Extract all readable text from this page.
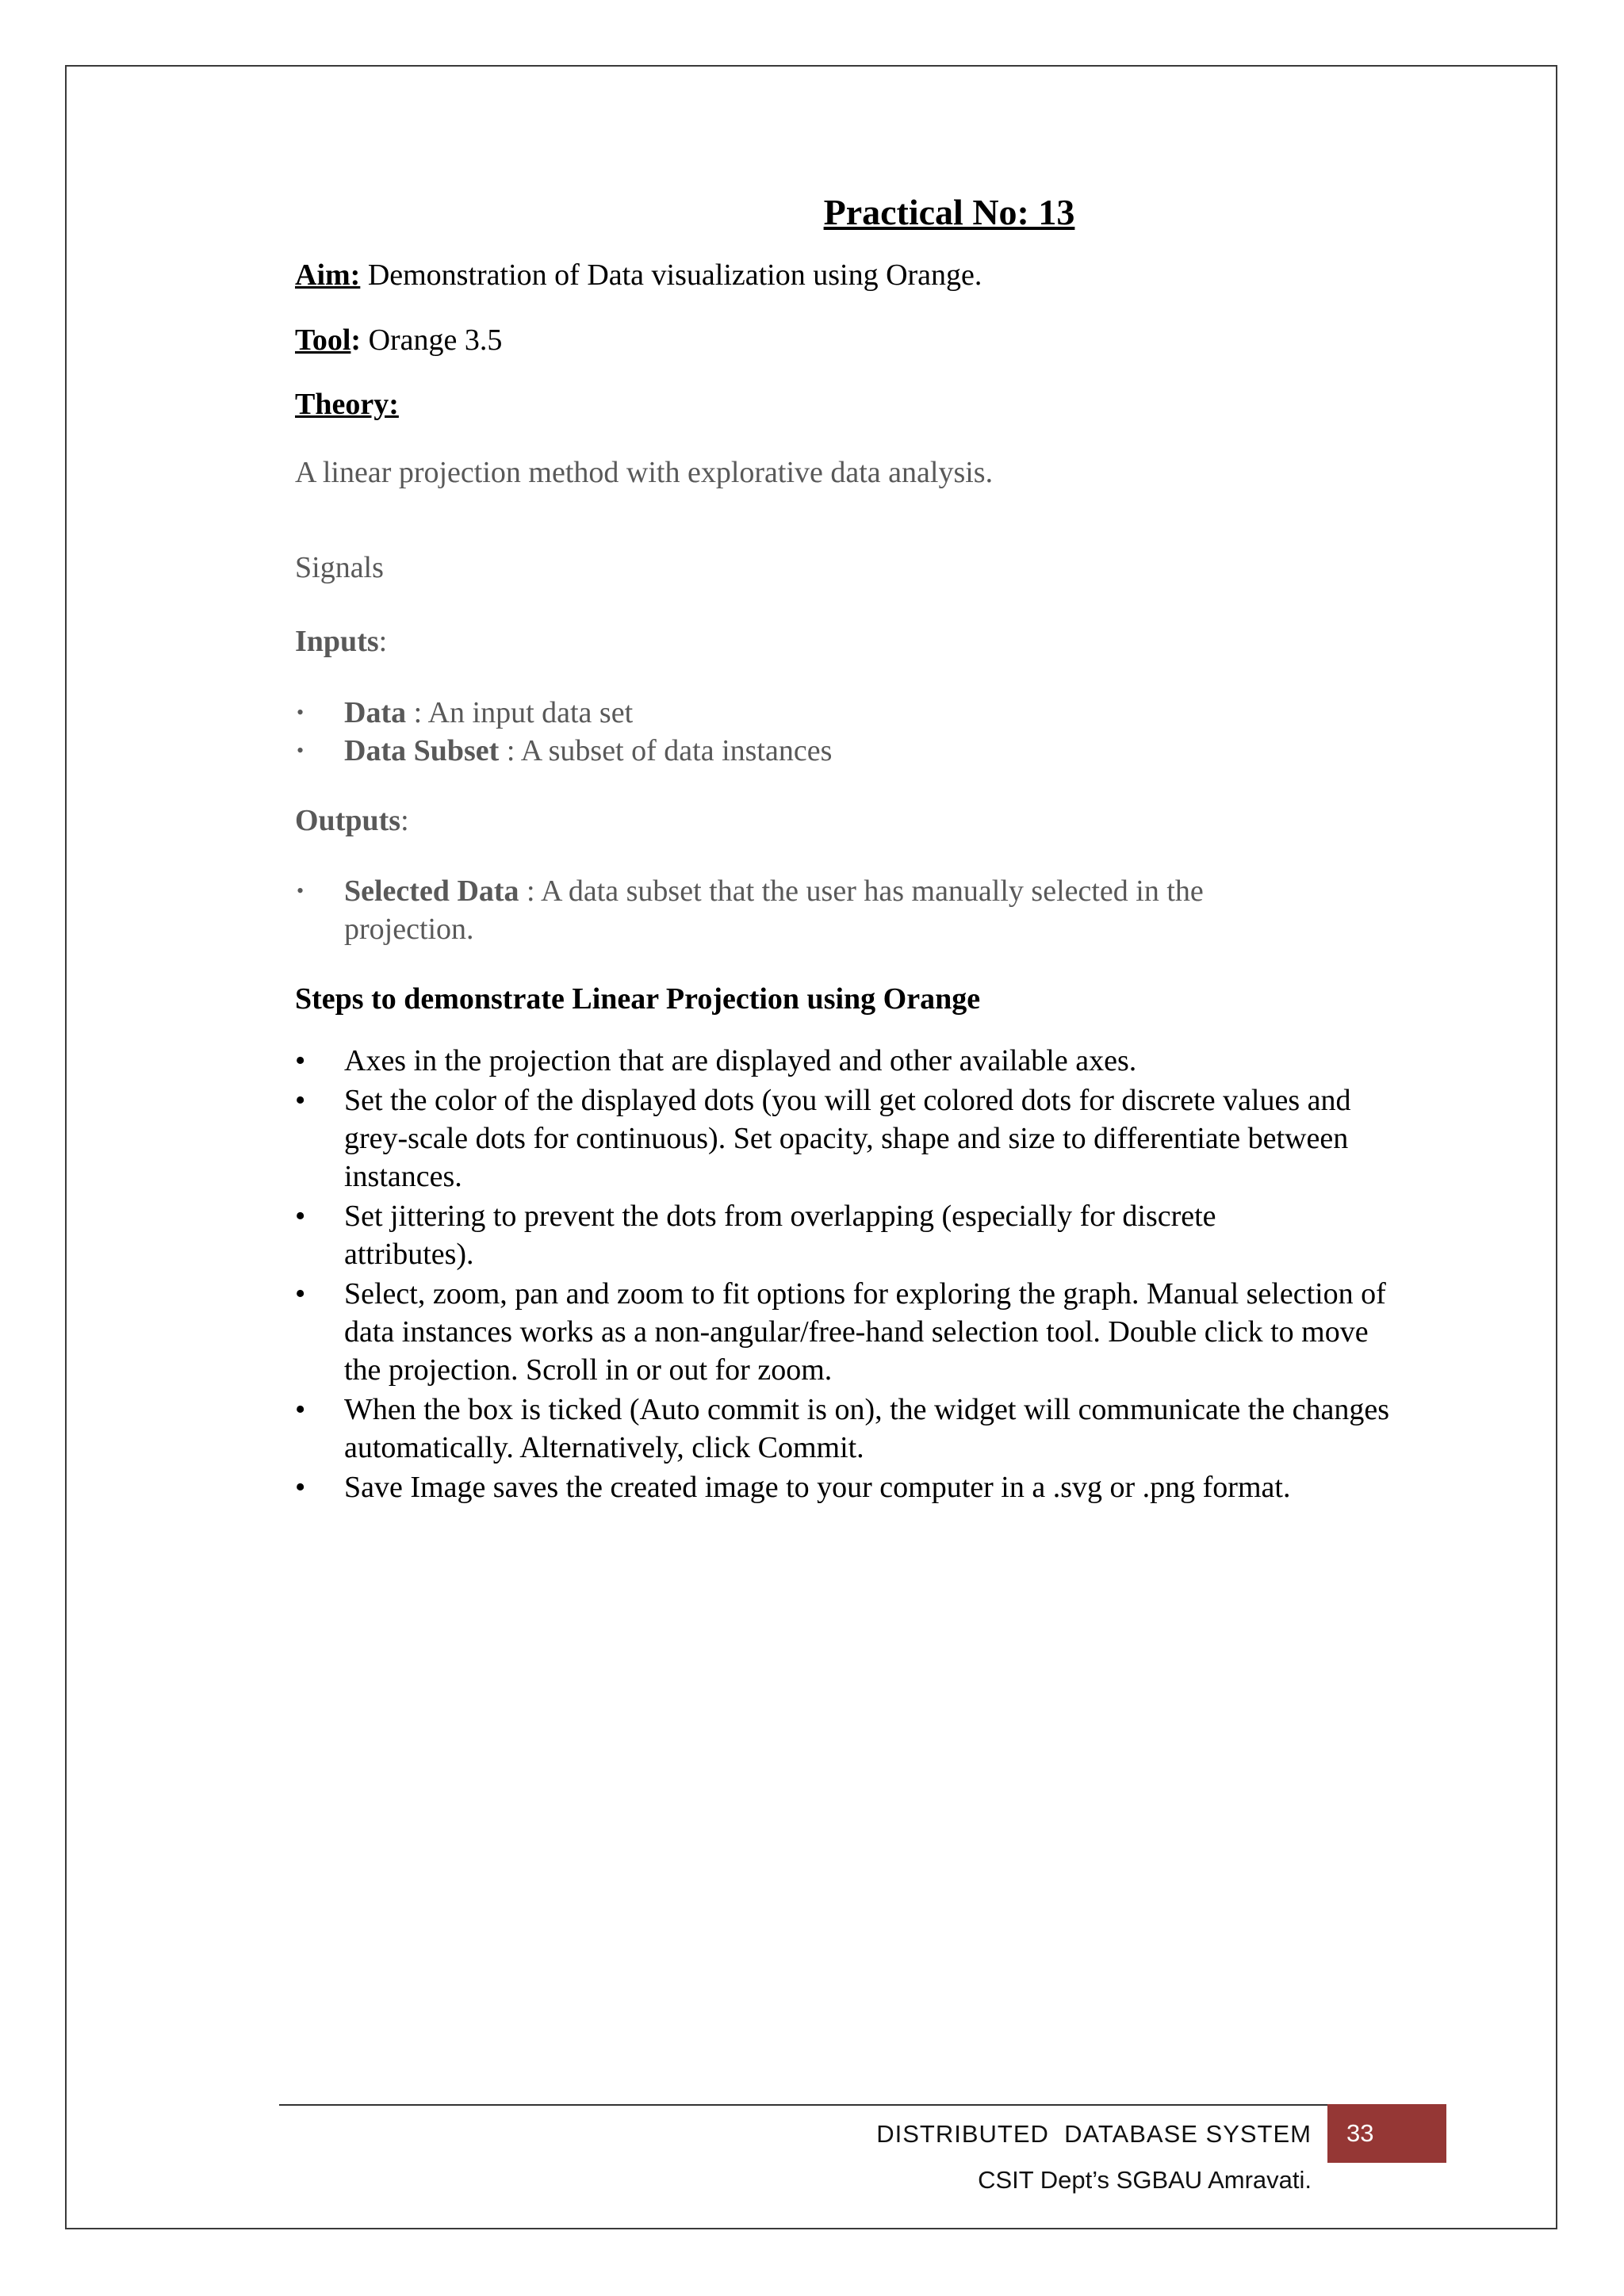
Practical No: 13
Aim: Demonstration of Data visualization using Orange.
Tool: Orange 3.5
Theory:
A linear projection method with explorative data analysis.
Signals
Inputs:
•	Data : An input data set
•	Data Subset : A subset of data instances
Outputs:
•	Selected Data : A data subset that the user has manually selected in the projection.
Steps to demonstrate Linear Projection using Orange
• Axes in the projection that are displayed and other available axes.
• Set the color of the displayed dots (you will get colored dots for discrete values and grey-scale dots for continuous). Set opacity, shape and size to differentiate between instances.
• Set jittering to prevent the dots from overlapping (especially for discrete attributes).
• Select, zoom, pan and zoom to fit options for exploring the graph. Manual selection of data instances works as a non-angular/free-hand selection tool. Double click to move the projection. Scroll in or out for zoom.
• When the box is ticked (Auto commit is on), the widget will communicate the changes automatically. Alternatively, click Commit.
• Save Image saves the created image to your computer in a .svg or .png format.
DISTRIBUTED  DATABASE SYSTEM	33
CSIT Dept’s SGBAU Amravati.
